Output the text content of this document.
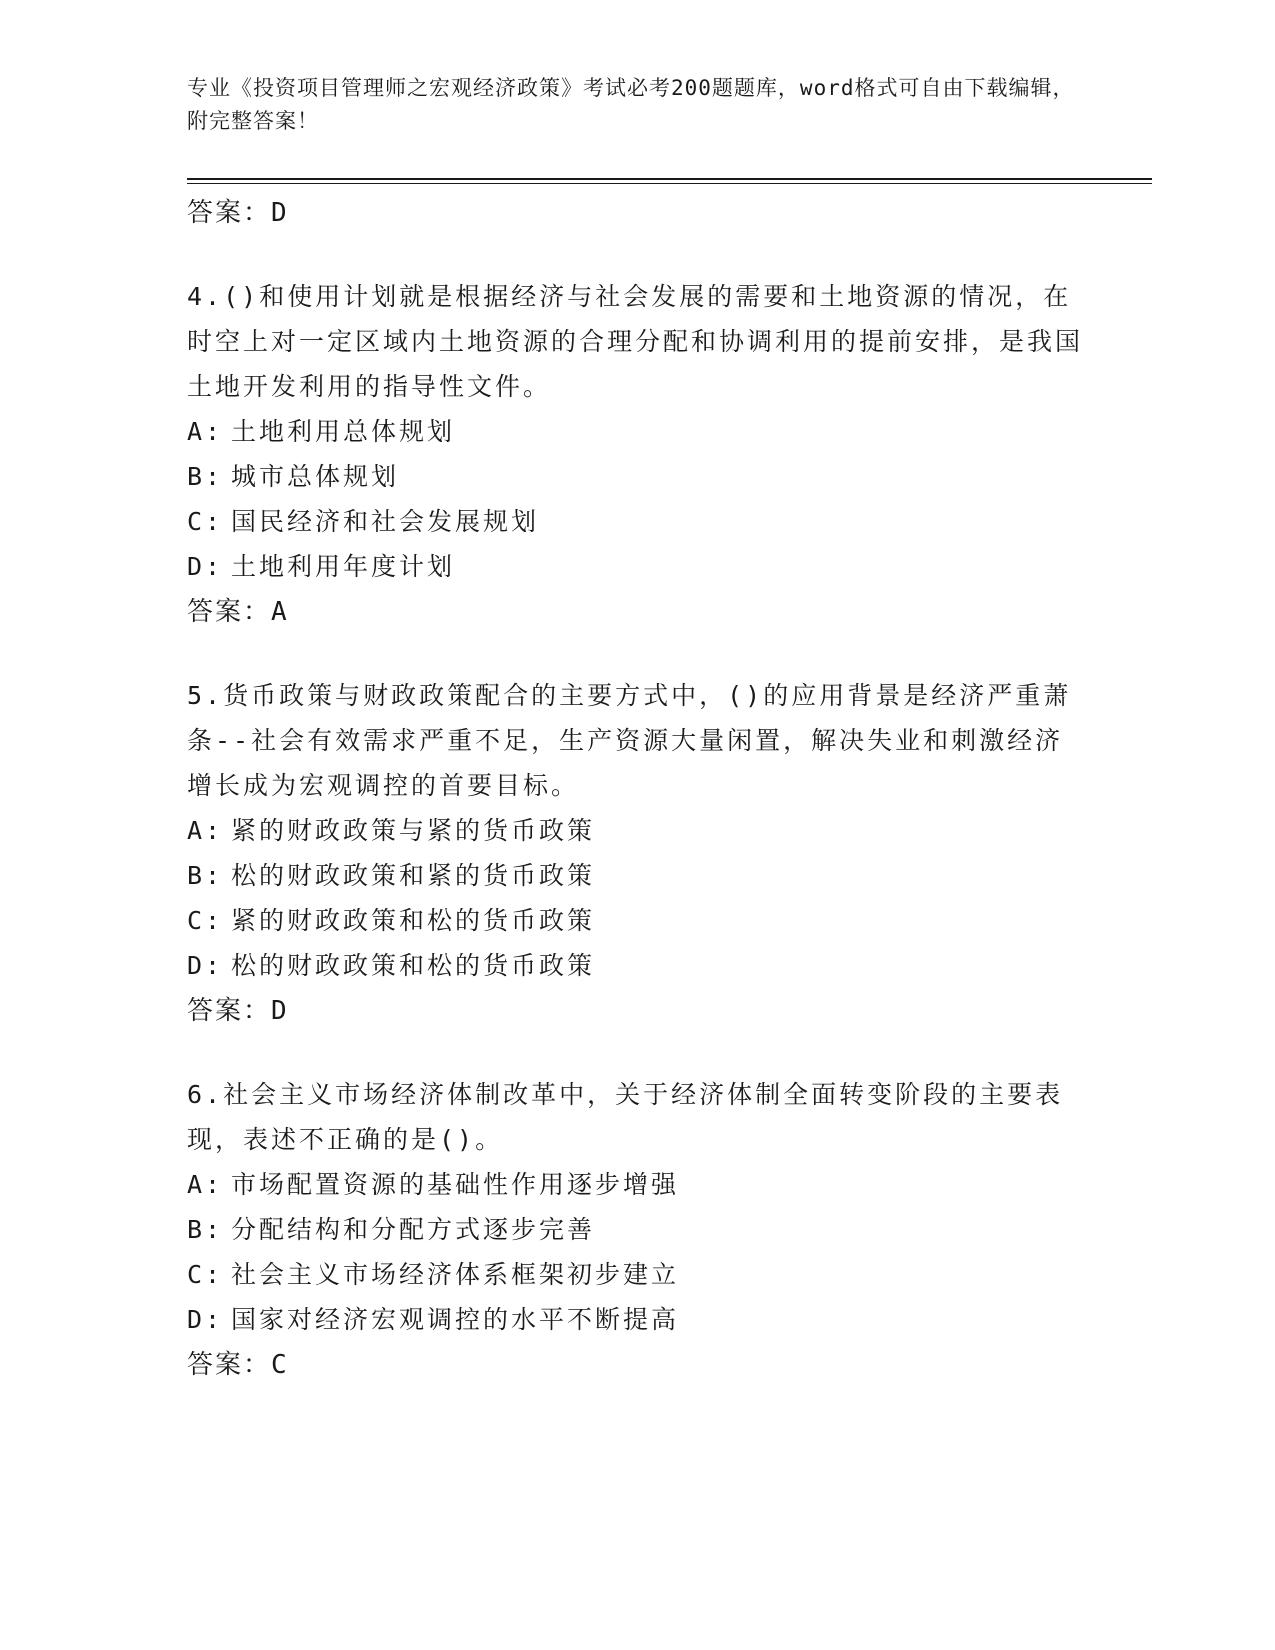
专业《投资项目管理师之宏观经济政策》考试必考200题题库，word格式可自由下载编辑，附完整答案！
答案：D
4.()和使用计划就是根据经济与社会发展的需要和土地资源的情况，在时空上对一定区域内土地资源的合理分配和协调利用的提前安排，是我国土地开发利用的指导性文件。
A: 土地利用总体规划
B: 城市总体规划
C: 国民经济和社会发展规划
D: 土地利用年度计划
答案：A
5.货币政策与财政政策配合的主要方式中，()的应用背景是经济严重萧条--社会有效需求严重不足，生产资源大量闲置，解决失业和刺激经济增长成为宏观调控的首要目标。
A: 紧的财政政策与紧的货币政策
B: 松的财政政策和紧的货币政策
C: 紧的财政政策和松的货币政策
D: 松的财政政策和松的货币政策
答案：D
6.社会主义市场经济体制改革中，关于经济体制全面转变阶段的主要表现，表述不正确的是()。
A: 市场配置资源的基础性作用逐步增强
B: 分配结构和分配方式逐步完善
C: 社会主义市场经济体系框架初步建立
D: 国家对经济宏观调控的水平不断提高
答案：C
